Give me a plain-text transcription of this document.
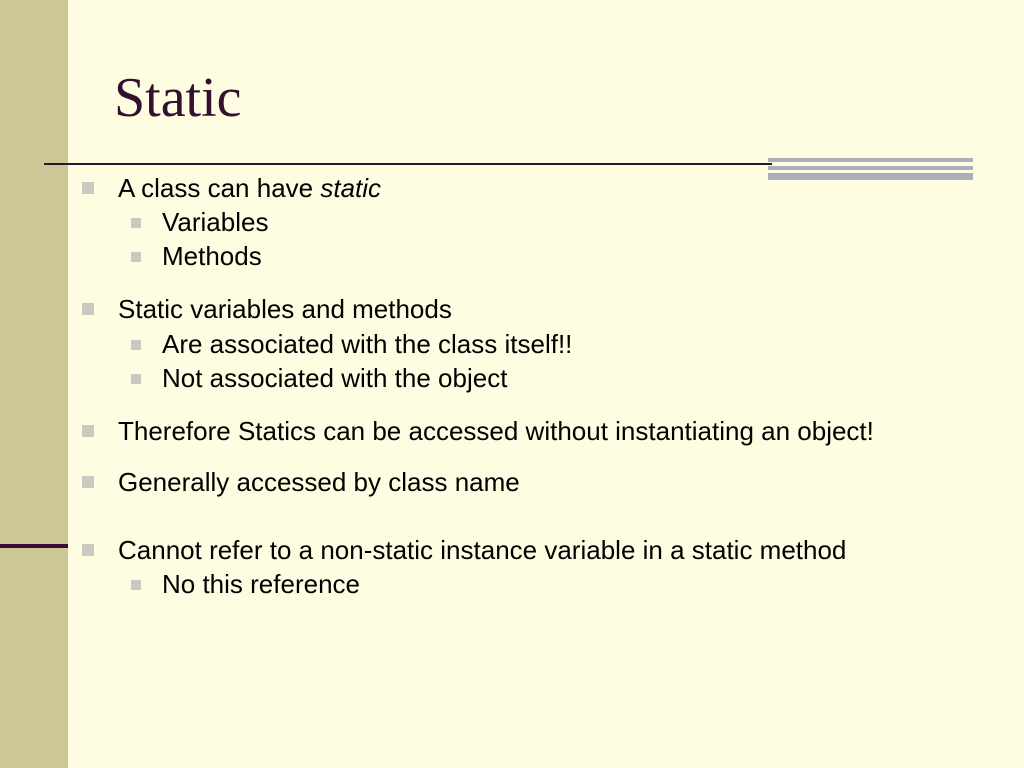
Static
A class can have static
Variables
Methods
Static variables and methods
Are associated with the class itself!!
Not associated with the object
Therefore Statics can be accessed without instantiating an object!
Generally accessed by class name
Cannot refer to a non-static instance variable in a static method
No this reference
